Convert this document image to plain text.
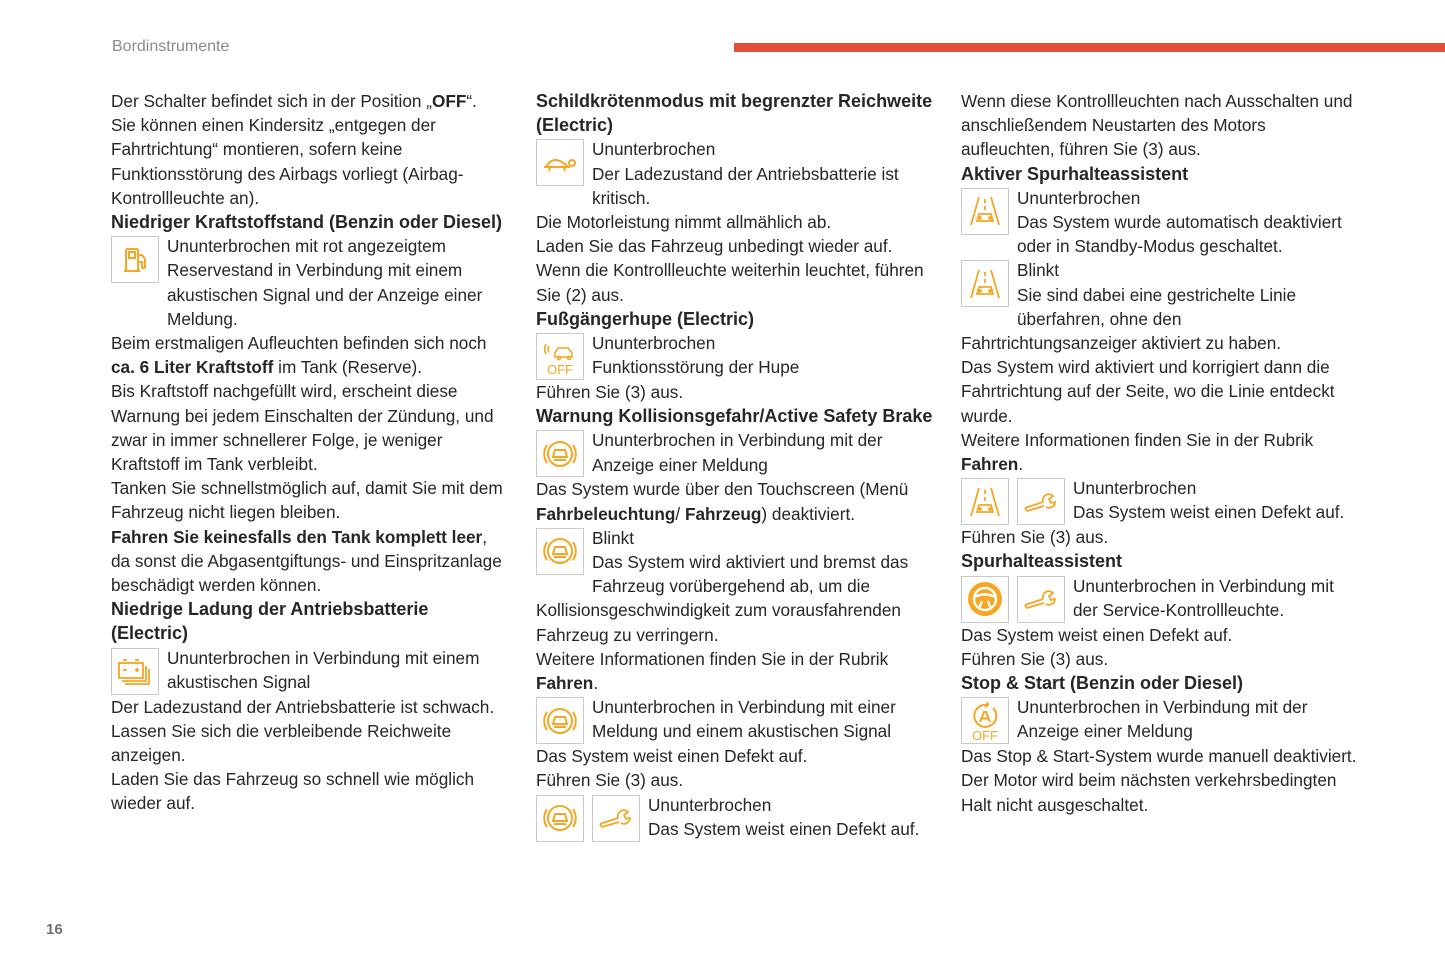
Bordinstrumente
16

Der Schalter befindet sich in der Position „OFF“. Sie können einen Kindersitz „entgegen der Fahrtrichtung“ montieren, sofern keine Funktionsstörung des Airbags vorliegt (Airbag-Kontrollleuchte an).

Niedriger Kraftstoffstand (Benzin oder Diesel)

Ununterbrochen mit rot angezeigtem Reservestand in Verbindung mit einem akustischen Signal und der Anzeige einer Meldung.

Beim erstmaligen Aufleuchten befinden sich noch ca. 6 Liter Kraftstoff im Tank (Reserve).

Bis Kraftstoff nachgefüllt wird, erscheint diese Warnung bei jedem Einschalten der Zündung, und zwar in immer schnellerer Folge, je weniger Kraftstoff im Tank verbleibt.

Tanken Sie schnellstmöglich auf, damit Sie mit dem Fahrzeug nicht liegen bleiben.

Fahren Sie keinesfalls den Tank komplett leer, da sonst die Abgasentgiftungs- und Einspritzanlage beschädigt werden können.

Niedrige Ladung der Antriebsbatterie (Electric)

Ununterbrochen in Verbindung mit einem akustischen Signal

Der Ladezustand der Antriebsbatterie ist schwach.

Lassen Sie sich die verbleibende Reichweite anzeigen.

Laden Sie das Fahrzeug so schnell wie möglich wieder auf.

Schildkrötenmodus mit begrenzter Reichweite (Electric)

Ununterbrochen
Der Ladezustand der Antriebsbatterie ist kritisch.

Die Motorleistung nimmt allmählich ab.

Laden Sie das Fahrzeug unbedingt wieder auf.

Wenn die Kontrollleuchte weiterhin leuchtet, führen Sie (2) aus.

Fußgängerhupe (Electric)

OFF
Ununterbrochen
Funktionsstörung der Hupe

Führen Sie (3) aus.

Warnung Kollisionsgefahr/Active Safety Brake

Ununterbrochen in Verbindung mit der Anzeige einer Meldung

Das System wurde über den Touchscreen (Menü Fahrbeleuchtung/ Fahrzeug) deaktiviert.

Blinkt
Das System wird aktiviert und bremst das Fahrzeug vorübergehend ab, um die Kollisionsgeschwindigkeit zum vorausfahrenden Fahrzeug zu verringern.

Weitere Informationen finden Sie in der Rubrik Fahren.

Ununterbrochen in Verbindung mit einer Meldung und einem akustischen Signal

Das System weist einen Defekt auf.

Führen Sie (3) aus.

Ununterbrochen
Das System weist einen Defekt auf.

Wenn diese Kontrollleuchten nach Ausschalten und anschließendem Neustarten des Motors aufleuchten, führen Sie (3) aus.

Aktiver Spurhalteassistent

Ununterbrochen
Das System wurde automatisch deaktiviert oder in Standby-Modus geschaltet.
Blinkt
Sie sind dabei eine gestrichelte Linie überfahren, ohne den Fahrtrichtungsanzeiger aktiviert zu haben.

Das System wird aktiviert und korrigiert dann die Fahrtrichtung auf der Seite, wo die Linie entdeckt wurde.

Weitere Informationen finden Sie in der Rubrik Fahren.

Ununterbrochen
Das System weist einen Defekt auf.

Führen Sie (3) aus.

Spurhalteassistent

Ununterbrochen in Verbindung mit der Service-Kontrollleuchte.

Das System weist einen Defekt auf.

Führen Sie (3) aus.

Stop & Start (Benzin oder Diesel)

OFF
Ununterbrochen in Verbindung mit der Anzeige einer Meldung

Das Stop & Start-System wurde manuell deaktiviert.

Der Motor wird beim nächsten verkehrsbedingten Halt nicht ausgeschaltet.
